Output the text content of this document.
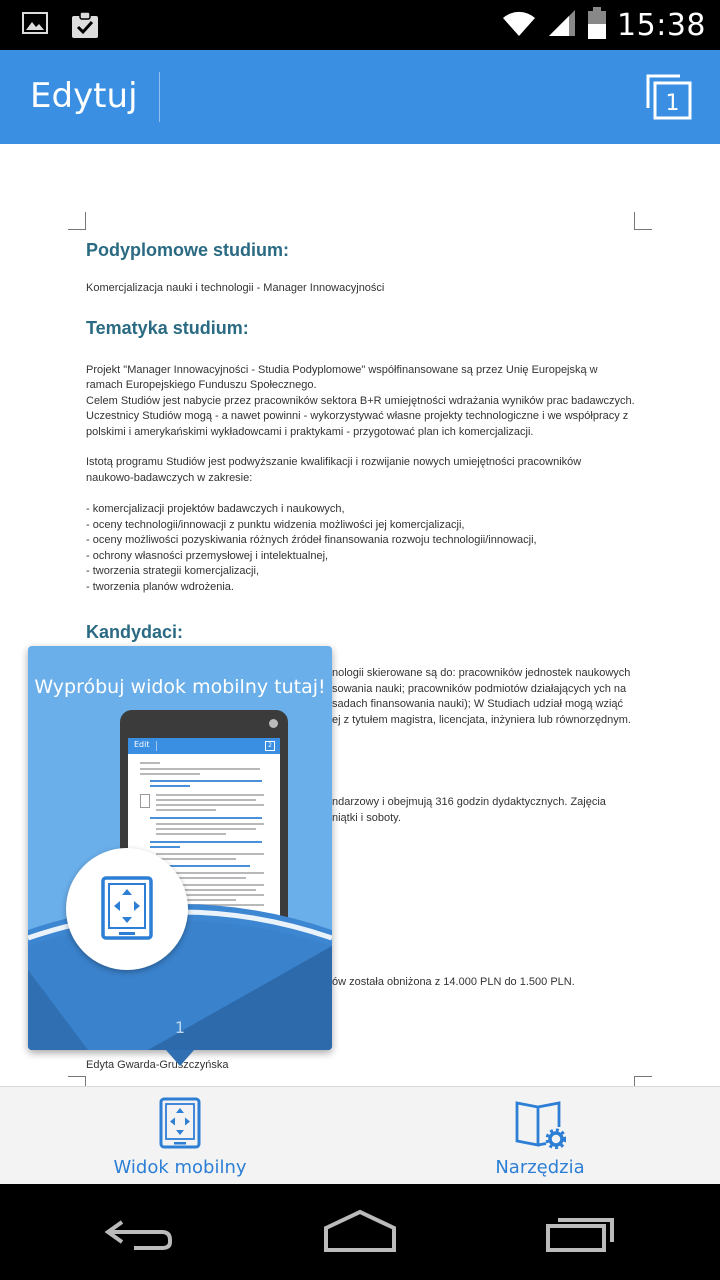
15:38
Edytuj	1
Podyplomowe studium:

Komercjalizacja nauki i technologii - Manager Innowacyjności

Tematyka studium:

Projekt "Manager Innowacyjności - Studia Podyplomowe" współfinansowane są przez Unię Europejską w

ramach Europejskiego Funduszu Społecznego.

Celem Studiów jest nabycie przez pracowników sektora B+R umiejętności wdrażania wyników prac badawczych.

Uczestnicy Studiów mogą - a nawet powinni - wykorzystywać własne projekty technologiczne i we współpracy z

polskimi i amerykańskimi wykładowcami i praktykami - przygotować plan ich komercjalizacji.

Istotą programu Studiów jest podwyższanie kwalifikacji i rozwijanie nowych umiejętności pracowników

naukowo-badawczych w zakresie:

- komercjalizacji projektów badawczych i naukowych,
- oceny technologii/innowacji z punktu widzenia możliwości jej komercjalizacji,
- oceny możliwości pozyskiwania różnych źródeł finansowania rozwoju technologii/innowacji,
- ochrony własności przemysłowej i intelektualnej,
- tworzenia strategii komercjalizacji,
- tworzenia planów wdrożenia.
Kandydaci:

nologii skierowane są do: pracowników jednostek naukowych

sowania nauki; pracowników podmiotów działających ych na

sadach finansowania nauki); W Studiach udział mogą wziąć

ej z tytułem magistra, licencjata, inżyniera lub równorzędnym.

ndarzowy i obejmują 316 godzin dydaktycznych. Zajęcia

niątki i soboty.

ów została obniżona z 14.000 PLN do 1.500 PLN.
Edyta Gwarda-Gruszczyńska
Wypróbuj widok mobilny tutaj!
Edit	2
1
Widok mobilny	Narzędzia
